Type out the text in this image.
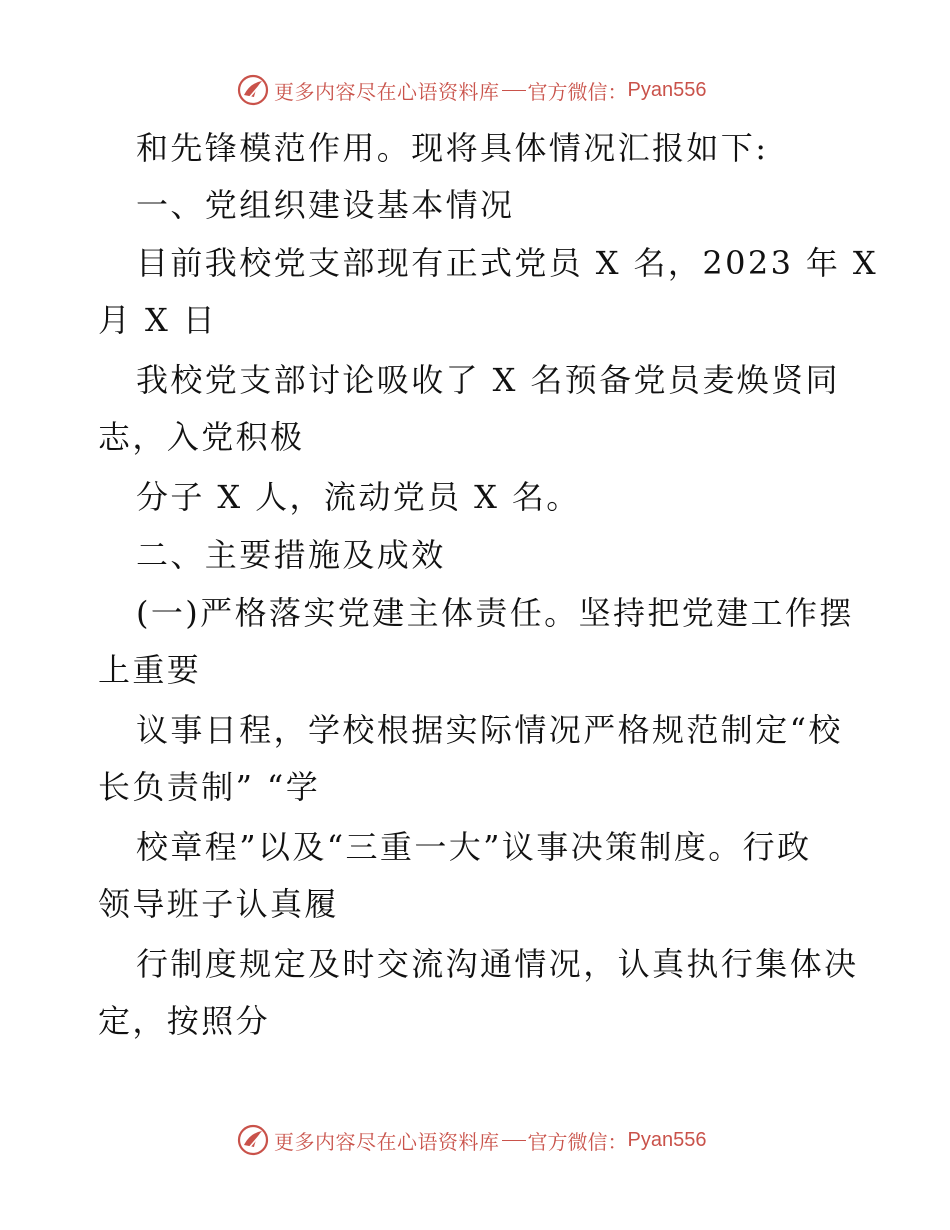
更多内容尽在心语资料库 官方微信： Pyan556
和先锋模范作用。现将具体情况汇报如下:
一、党组织建设基本情况
目前我校党支部现有正式党员 X 名，2023 年 X
月 X 日
我校党支部讨论吸收了 X 名预备党员麦焕贤同
志，入党积极
分子 X 人，流动党员 X 名。
二、主要措施及成效
(一)严格落实党建主体责任。坚持把党建工作摆
上重要
议事日程，学校根据实际情况严格规范制定“校
长负责制” “学
校章程”以及“三重一大”议事决策制度。行政
领导班子认真履
行制度规定及时交流沟通情况，认真执行集体决
定，按照分
更多内容尽在心语资料库 官方微信： Pyan556
